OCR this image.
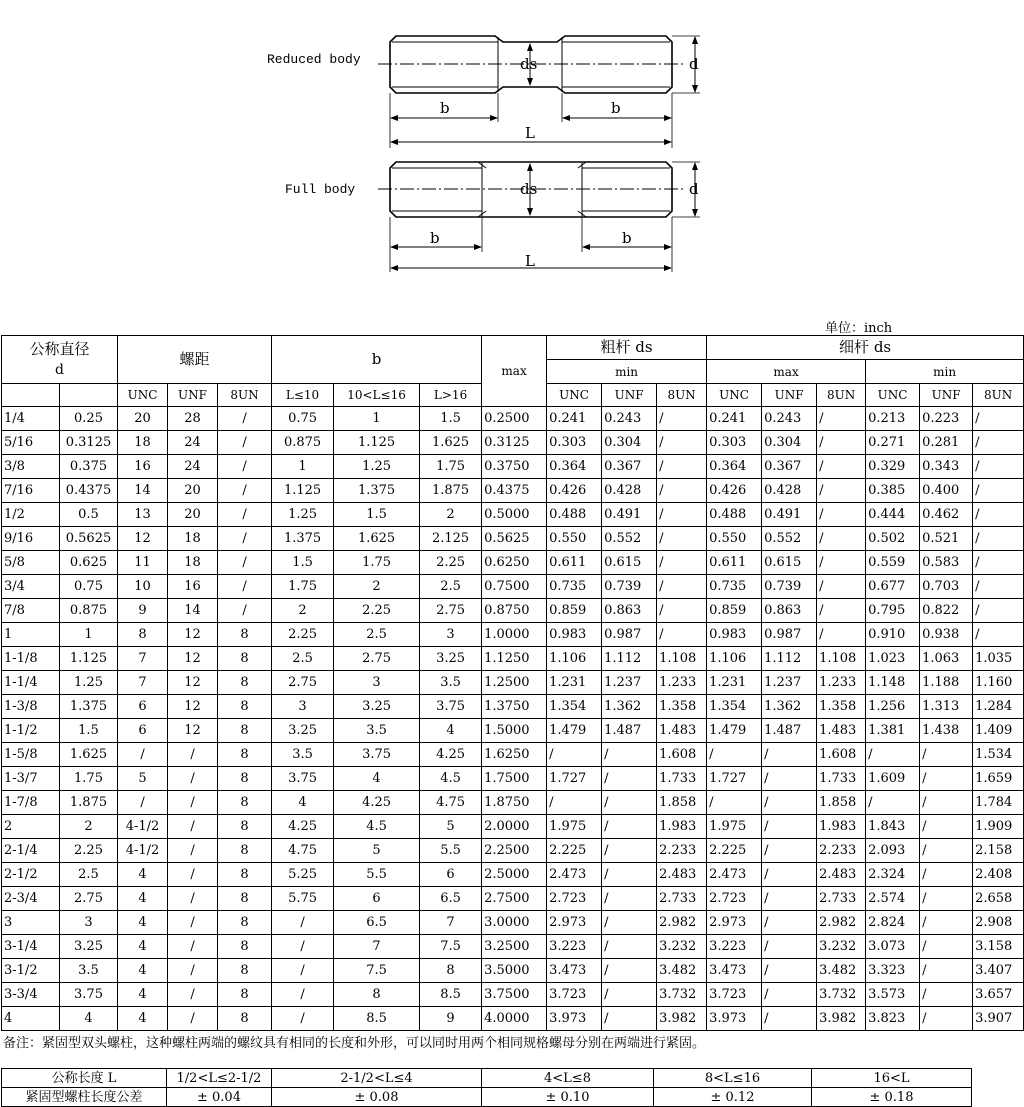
Reduced body
Full body
ds
ds
d
d
b	b
L
b	b
L
单位：inch
公称直径
d		螺距			b			max	粗杆 ds			细杆 ds					
									min			max			min		
		UNC	UNF	8UN	L≤10	10<L≤16	L>16		UNC	UNF	8UN	UNC	UNF	8UN	UNC	UNF	8UN
1/4	0.25	20	28	/	0.75	1	1.5	0.2500	0.241	0.243	/	0.241	0.243	/	0.213	0.223	/
5/16	0.3125	18	24	/	0.875	1.125	1.625	0.3125	0.303	0.304	/	0.303	0.304	/	0.271	0.281	/
3/8	0.375	16	24	/	1	1.25	1.75	0.3750	0.364	0.367	/	0.364	0.367	/	0.329	0.343	/
7/16	0.4375	14	20	/	1.125	1.375	1.875	0.4375	0.426	0.428	/	0.426	0.428	/	0.385	0.400	/
1/2	0.5	13	20	/	1.25	1.5	2	0.5000	0.488	0.491	/	0.488	0.491	/	0.444	0.462	/
9/16	0.5625	12	18	/	1.375	1.625	2.125	0.5625	0.550	0.552	/	0.550	0.552	/	0.502	0.521	/
5/8	0.625	11	18	/	1.5	1.75	2.25	0.6250	0.611	0.615	/	0.611	0.615	/	0.559	0.583	/
3/4	0.75	10	16	/	1.75	2	2.5	0.7500	0.735	0.739	/	0.735	0.739	/	0.677	0.703	/
7/8	0.875	9	14	/	2	2.25	2.75	0.8750	0.859	0.863	/	0.859	0.863	/	0.795	0.822	/
1	1	8	12	8	2.25	2.5	3	1.0000	0.983	0.987	/	0.983	0.987	/	0.910	0.938	/
1-1/8	1.125	7	12	8	2.5	2.75	3.25	1.1250	1.106	1.112	1.108	1.106	1.112	1.108	1.023	1.063	1.035
1-1/4	1.25	7	12	8	2.75	3	3.5	1.2500	1.231	1.237	1.233	1.231	1.237	1.233	1.148	1.188	1.160
1-3/8	1.375	6	12	8	3	3.25	3.75	1.3750	1.354	1.362	1.358	1.354	1.362	1.358	1.256	1.313	1.284
1-1/2	1.5	6	12	8	3.25	3.5	4	1.5000	1.479	1.487	1.483	1.479	1.487	1.483	1.381	1.438	1.409
1-5/8	1.625	/	/	8	3.5	3.75	4.25	1.6250	/	/	1.608	/	/	1.608	/	/	1.534
1-3/7	1.75	5	/	8	3.75	4	4.5	1.7500	1.727	/	1.733	1.727	/	1.733	1.609	/	1.659
1-7/8	1.875	/	/	8	4	4.25	4.75	1.8750	/	/	1.858	/	/	1.858	/	/	1.784
2	2	4-1/2	/	8	4.25	4.5	5	2.0000	1.975	/	1.983	1.975	/	1.983	1.843	/	1.909
2-1/4	2.25	4-1/2	/	8	4.75	5	5.5	2.2500	2.225	/	2.233	2.225	/	2.233	2.093	/	2.158
2-1/2	2.5	4	/	8	5.25	5.5	6	2.5000	2.473	/	2.483	2.473	/	2.483	2.324	/	2.408
2-3/4	2.75	4	/	8	5.75	6	6.5	2.7500	2.723	/	2.733	2.723	/	2.733	2.574	/	2.658
3	3	4	/	8	/	6.5	7	3.0000	2.973	/	2.982	2.973	/	2.982	2.824	/	2.908
3-1/4	3.25	4	/	8	/	7	7.5	3.2500	3.223	/	3.232	3.223	/	3.232	3.073	/	3.158
3-1/2	3.5	4	/	8	/	7.5	8	3.5000	3.473	/	3.482	3.473	/	3.482	3.323	/	3.407
3-3/4	3.75	4	/	8	/	8	8.5	3.7500	3.723	/	3.732	3.723	/	3.732	3.573	/	3.657
4	4	4	/	8	/	8.5	9	4.0000	3.973	/	3.982	3.973	/	3.982	3.823	/	3.907
备注：紧固型双头螺柱，这种螺柱两端的螺纹具有相同的长度和外形，可以同时用两个相同规格螺母分别在两端进行紧固。
公称长度 L	1/2<L≤2-1/2	2-1/2<L≤4	4<L≤8	8<L≤16	16<L
紧固型螺柱长度公差	± 0.04	± 0.08	± 0.10	± 0.12	± 0.18
